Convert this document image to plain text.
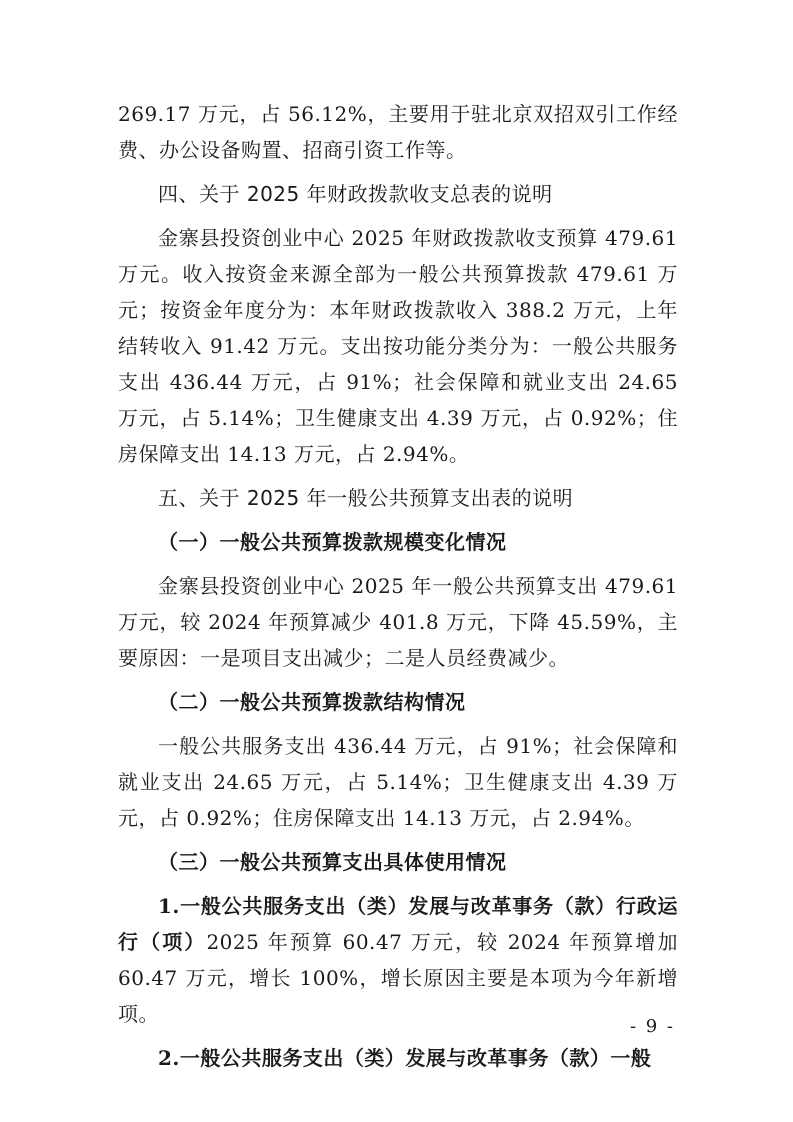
269.17 万元，占 56.12%，主要用于驻北京双招双引工作经费、办公设备购置、招商引资工作等。

四、关于 2025 年财政拨款收支总表的说明

金寨县投资创业中心 2025 年财政拨款收支预算 479.61 万元。收入按资金来源全部为一般公共预算拨款 479.61 万元；按资金年度分为：本年财政拨款收入 388.2 万元，上年结转收入 91.42 万元。支出按功能分类分为：一般公共服务支出 436.44 万元，占 91%；社会保障和就业支出 24.65 万元，占 5.14%；卫生健康支出 4.39 万元，占 0.92%；住房保障支出 14.13 万元，占 2.94%。

五、关于 2025 年一般公共预算支出表的说明

（一）一般公共预算拨款规模变化情况

金寨县投资创业中心 2025 年一般公共预算支出 479.61 万元，较 2024 年预算减少 401.8 万元，下降 45.59%，主要原因：一是项目支出减少；二是人员经费减少。

（二）一般公共预算拨款结构情况

一般公共服务支出 436.44 万元，占 91%；社会保障和就业支出 24.65 万元，占 5.14%；卫生健康支出 4.39 万元，占 0.92%；住房保障支出 14.13 万元，占 2.94%。

（三）一般公共预算支出具体使用情况

1.一般公共服务支出（类）发展与改革事务（款）行政运行（项）2025 年预算 60.47 万元，较 2024 年预算增加 60.47 万元，增长 100%，增长原因主要是本项为今年新增项。

2.一般公共服务支出（类）发展与改革事务（款）一般

- 9 -
